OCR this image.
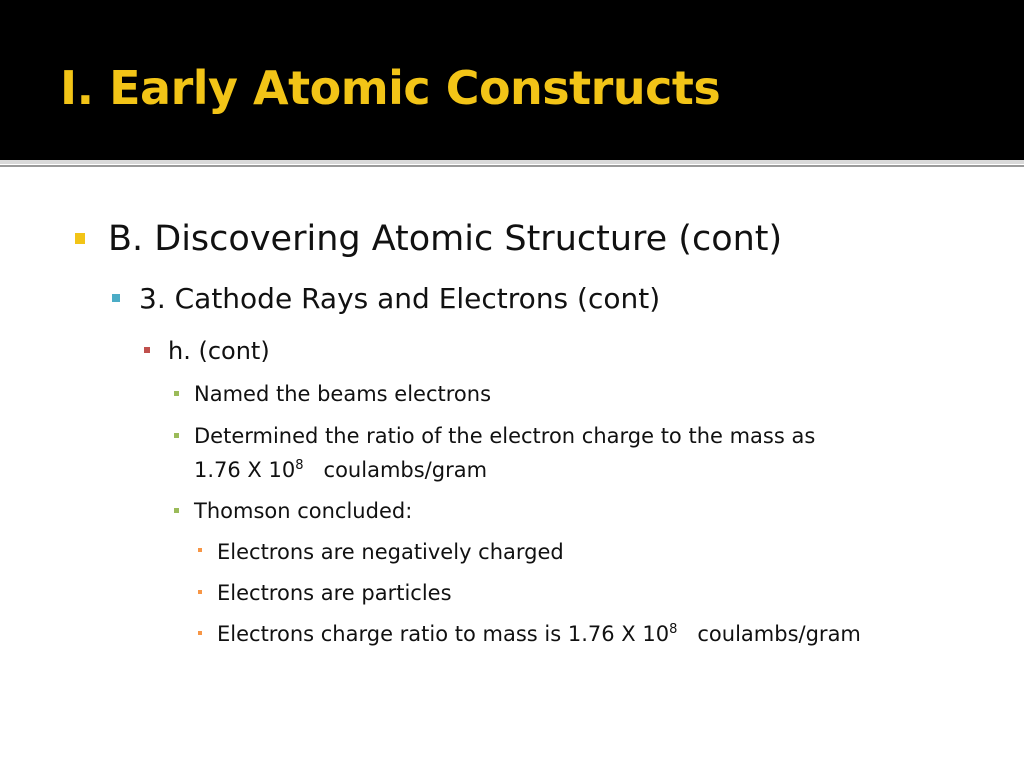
I. Early Atomic Constructs
B. Discovering Atomic Structure (cont)
3. Cathode Rays and Electrons (cont)
h. (cont)
Named the beams electrons
Determined the ratio of the electron charge to the mass as
1.76 X $10^8$ coulambs/gram
Thomson concluded:
Electrons are negatively charged
Electrons are particles
Electrons charge ratio to mass is 1.76 X $10^8$ coulambs/gram
